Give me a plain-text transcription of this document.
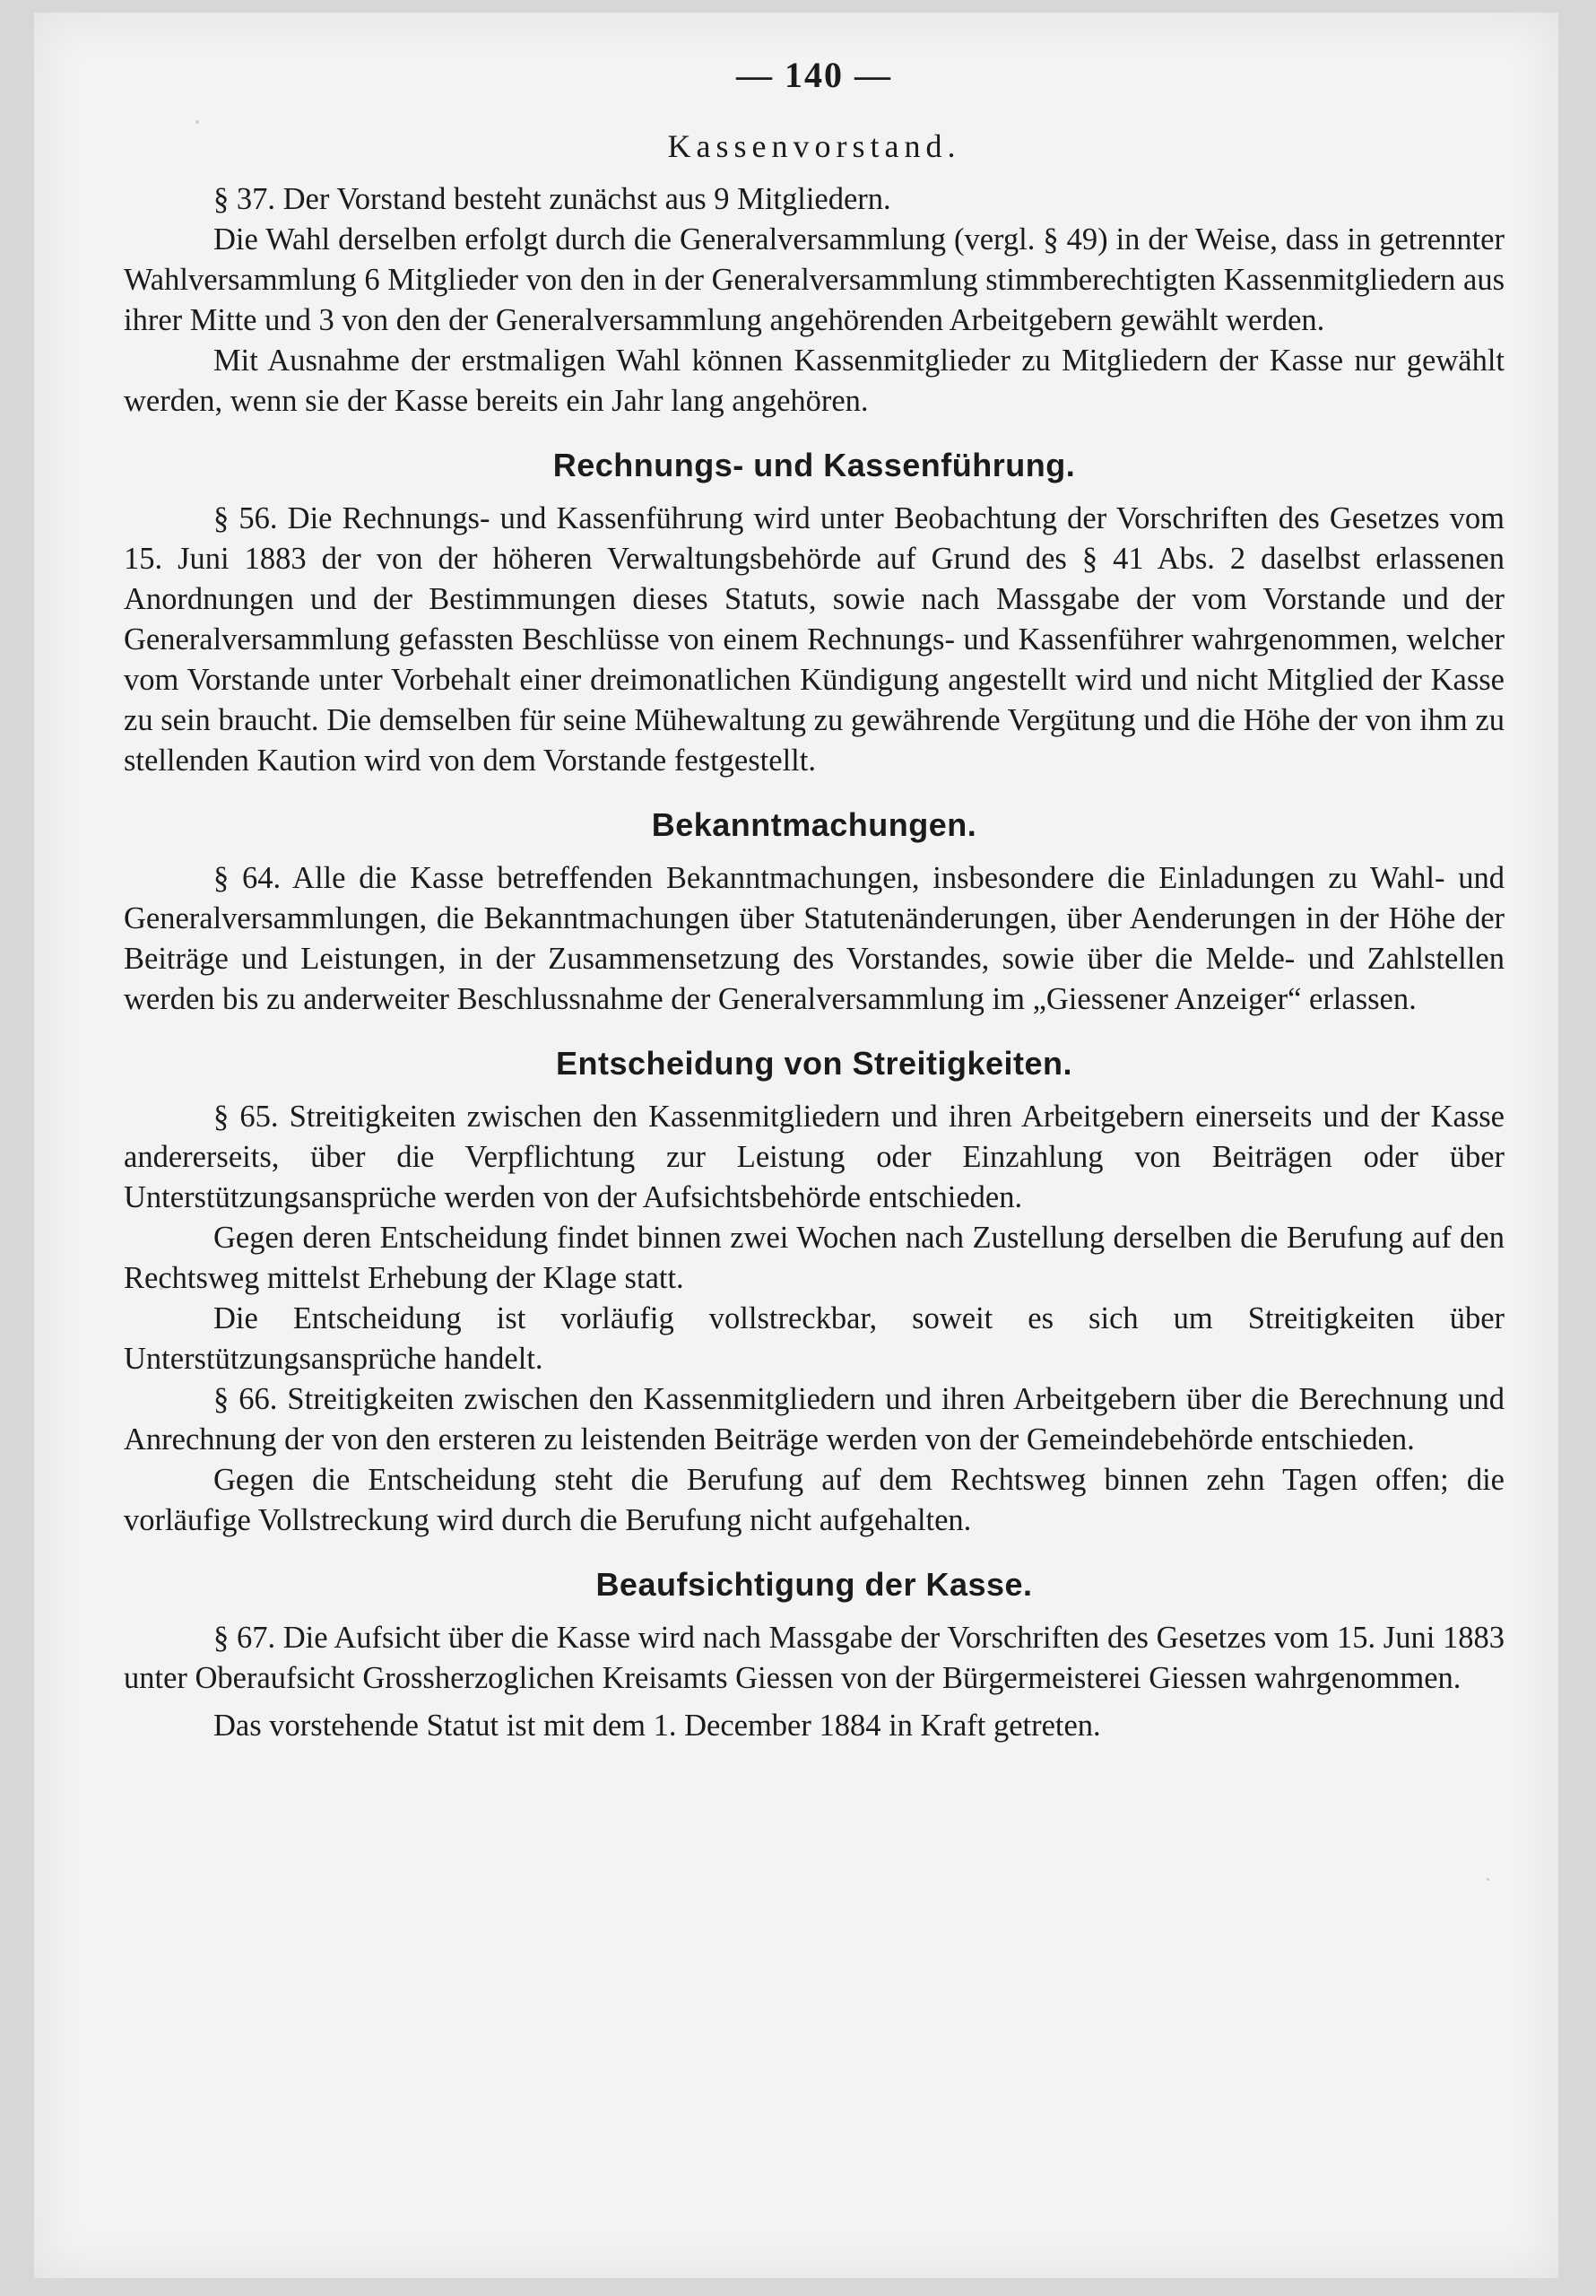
— 140 —
Kassenvorstand.

§ 37. Der Vorstand besteht zunächst aus 9 Mitgliedern.

Die Wahl derselben erfolgt durch die Generalversammlung (vergl. § 49) in der Weise, dass in getrennter Wahlversammlung 6 Mitglieder von den in der Generalversammlung stimmberechtigten Kassenmitgliedern aus ihrer Mitte und 3 von den der Generalversammlung angehörenden Arbeitgebern gewählt werden.

Mit Ausnahme der erstmaligen Wahl können Kassenmitglieder zu Mitgliedern der Kasse nur gewählt werden, wenn sie der Kasse bereits ein Jahr lang angehören.

Rechnungs- und Kassenführung.

§ 56. Die Rechnungs- und Kassenführung wird unter Beobachtung der Vorschriften des Gesetzes vom 15. Juni 1883 der von der höheren Verwaltungsbehörde auf Grund des § 41 Abs. 2 daselbst erlassenen Anordnungen und der Bestimmungen dieses Statuts, sowie nach Massgabe der vom Vorstande und der Generalversammlung gefassten Beschlüsse von einem Rechnungs- und Kassenführer wahrgenommen, welcher vom Vorstande unter Vorbehalt einer dreimonatlichen Kündigung angestellt wird und nicht Mitglied der Kasse zu sein braucht. Die demselben für seine Mühewaltung zu gewährende Vergütung und die Höhe der von ihm zu stellenden Kaution wird von dem Vorstande festgestellt.

Bekanntmachungen.

§ 64. Alle die Kasse betreffenden Bekanntmachungen, insbesondere die Einladungen zu Wahl- und Generalversammlungen, die Bekanntmachungen über Statutenänderungen, über Aenderungen in der Höhe der Beiträge und Leistungen, in der Zusammensetzung des Vorstandes, sowie über die Melde- und Zahlstellen werden bis zu anderweiter Beschlussnahme der Generalversammlung im „Giessener Anzeiger“ erlassen.

Entscheidung von Streitigkeiten.

§ 65. Streitigkeiten zwischen den Kassenmitgliedern und ihren Arbeitgebern einerseits und der Kasse andererseits, über die Verpflichtung zur Leistung oder Einzahlung von Beiträgen oder über Unterstützungsansprüche werden von der Aufsichtsbehörde entschieden.

Gegen deren Entscheidung findet binnen zwei Wochen nach Zustellung derselben die Berufung auf den Rechtsweg mittelst Erhebung der Klage statt.

Die Entscheidung ist vorläufig vollstreckbar, soweit es sich um Streitigkeiten über Unterstützungsansprüche handelt.

§ 66. Streitigkeiten zwischen den Kassenmitgliedern und ihren Arbeitgebern über die Berechnung und Anrechnung der von den ersteren zu leistenden Beiträge werden von der Gemeindebehörde entschieden.

Gegen die Entscheidung steht die Berufung auf dem Rechtsweg binnen zehn Tagen offen; die vorläufige Vollstreckung wird durch die Berufung nicht aufgehalten.

Beaufsichtigung der Kasse.

§ 67. Die Aufsicht über die Kasse wird nach Massgabe der Vorschriften des Gesetzes vom 15. Juni 1883 unter Oberaufsicht Grossherzoglichen Kreisamts Giessen von der Bürgermeisterei Giessen wahrgenommen.

Das vorstehende Statut ist mit dem 1. December 1884 in Kraft getreten.
